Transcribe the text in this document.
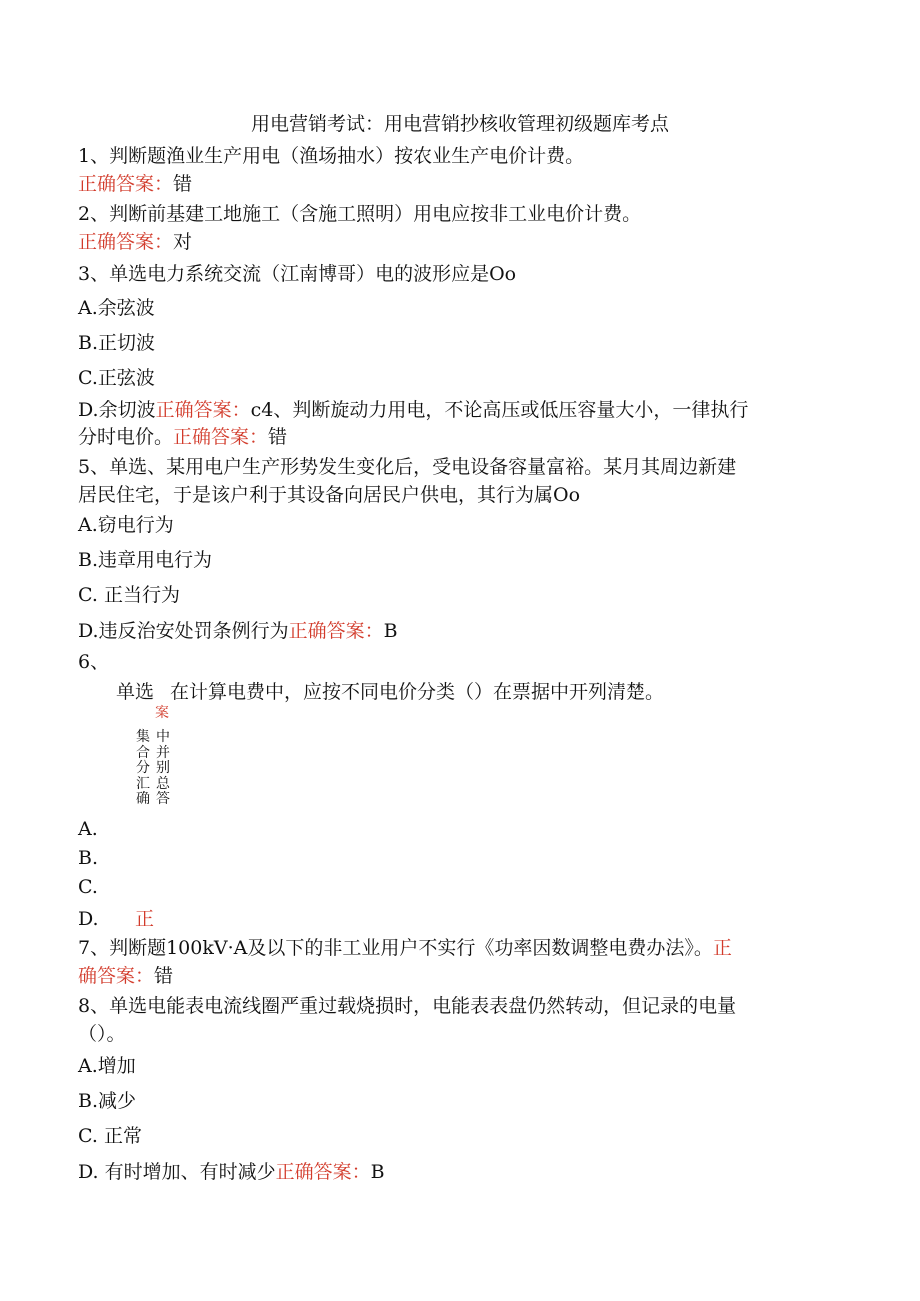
用电营销考试：用电营销抄核收管理初级题库考点
1、判断题渔业生产用电（渔场抽水）按农业生产电价计费。
正确答案：错
2、判断前基建工地施工（含施工照明）用电应按非工业电价计费。
正确答案：对
3、单选电力系统交流（江南博哥）电的波形应是Oo
A.余弦波
B.正切波
C.正弦波
D.余切波正确答案：c4、判断旋动力用电，不论高压或低压容量大小，一律执行
分时电价。正确答案：错
5、单选、某用电户生产形势发生变化后，受电设备容量富裕。某月其周边新建
居民住宅，于是该户利于其设备向居民户供电，其行为属Oo
A.窃电行为
B.违章用电行为
C. 正当行为
D.违反治安处罚条例行为正确答案：B
6、
单选 在计算电费中，应按不同电价分类（）在票据中开列清楚。
案
集
合
分
汇
确
中
并
别
总
答
A.
B.
C.
D. 正
7、判断题100kV·A及以下的非工业用户不实行《功率因数调整电费办法》。正
确答案：错
8、单选电能表电流线圈严重过载烧损时，电能表表盘仍然转动，但记录的电量
（）。
A.增加
B.减少
C. 正常
D. 有时增加、有时减少正确答案：B
